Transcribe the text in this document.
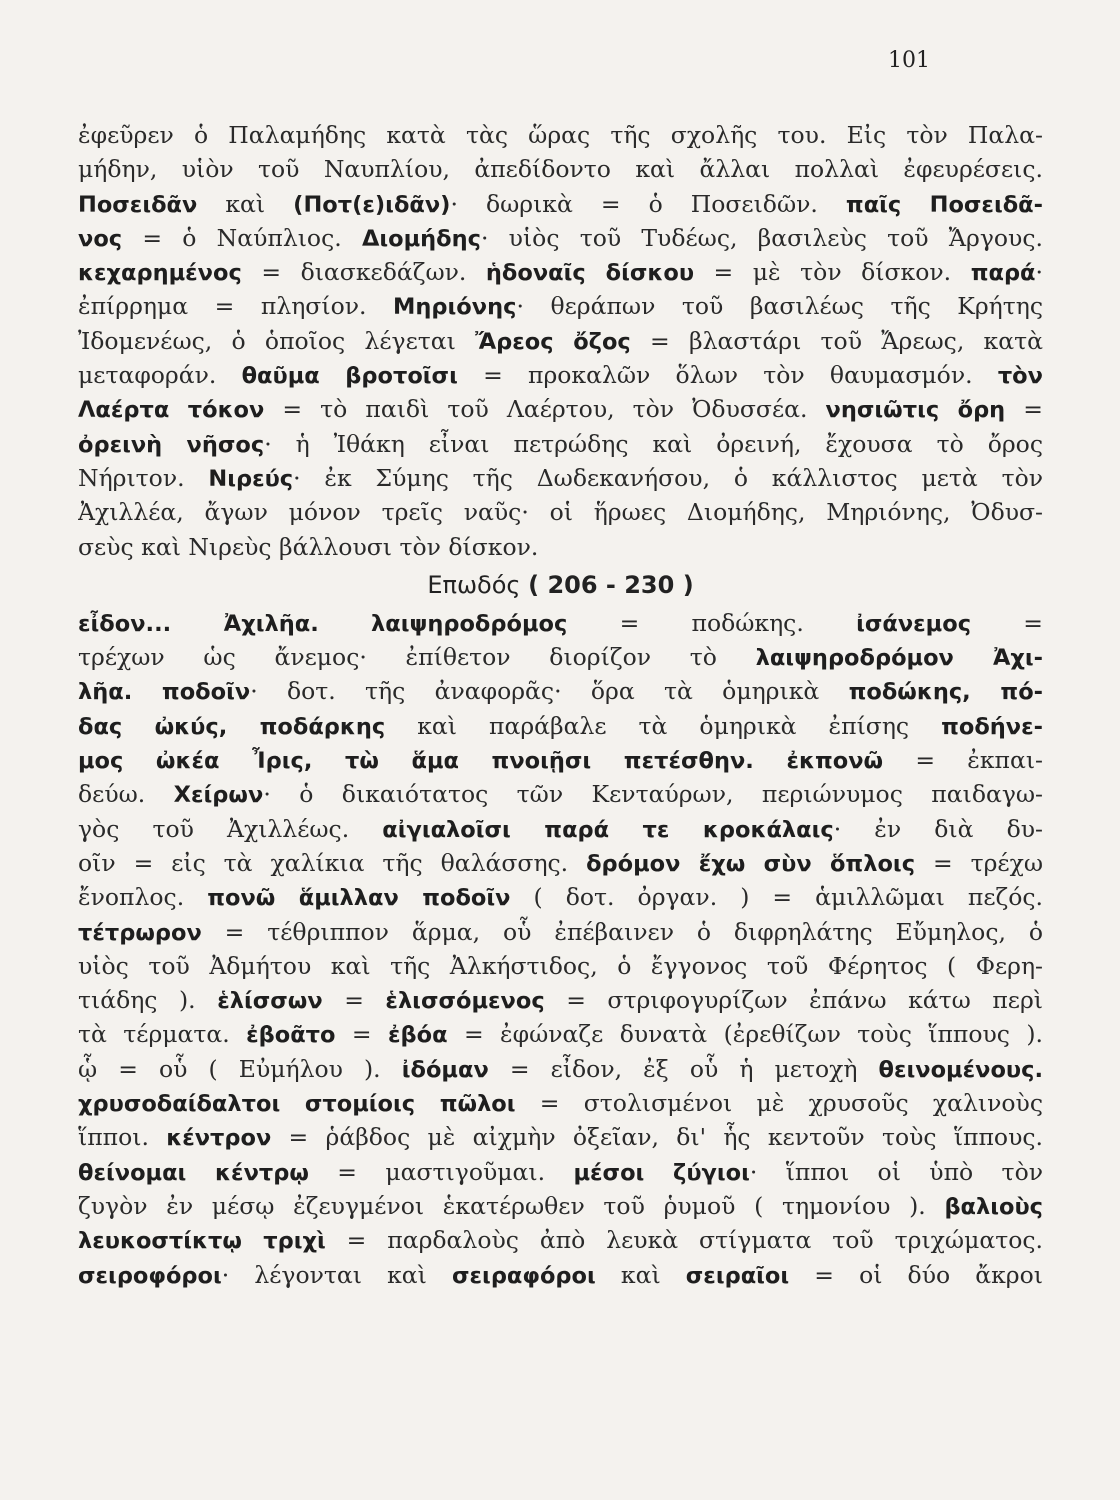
101
ἐφεῦρεν ὁ Παλαμήδης κατὰ τὰς ὥρας τῆς σχολῆς του. Εἰς τὸν Παλα-
μήδην, υἱὸν τοῦ Ναυπλίου, ἀπεδίδοντο καὶ ἄλλαι πολλαὶ ἐφευρέσεις.
Ποσειδᾶν καὶ (Ποτ(ε)ιδᾶν)· δωρικὰ = ὁ Ποσειδῶν. παῖς Ποσειδᾶ-
νος = ὁ Ναύπλιος. Διομήδης· υἱὸς τοῦ Τυδέως, βασιλεὺς τοῦ Ἄργους.
κεχαρημένος = διασκεδάζων. ἡδοναῖς δίσκου = μὲ τὸν δίσκον. παρά·
ἐπίρρημα = πλησίον. Μηριόνης· θεράπων τοῦ βασιλέως τῆς Κρήτης
Ἰδομενέως, ὁ ὁποῖος λέγεται Ἄρεος ὄζος = βλαστάρι τοῦ Ἄρεως, κατὰ
μεταφοράν. θαῦμα βροτοῖσι = προκαλῶν ὅλων τὸν θαυμασμόν. τὸν
Λαέρτα τόκον = τὸ παιδὶ τοῦ Λαέρτου, τὸν Ὀδυσσέα. νησιῶτις ὄρη =
ὀρεινὴ νῆσος· ἡ Ἰθάκη εἶναι πετρώδης καὶ ὀρεινή, ἔχουσα τὸ ὄρος
Νήριτον. Νιρεύς· ἐκ Σύμης τῆς Δωδεκανήσου, ὁ κάλλιστος μετὰ τὸν
Ἀχιλλέα, ἄγων μόνον τρεῖς ναῦς· οἱ ἥρωες Διομήδης, Μηριόνης, Ὀδυσ-
σεὺς καὶ Νιρεὺς βάλλουσι τὸν δίσκον.
Επωδός ( 206 - 230 )
εἶδον... Ἀχιλῆα. λαιψηροδρόμος = ποδώκης. ἰσάνεμος =
τρέχων ὡς ἄνεμος· ἐπίθετον διορίζον τὸ λαιψηροδρόμον Ἀχι-
λῆα. ποδοῖν· δοτ. τῆς ἀναφορᾶς· ὅρα τὰ ὁμηρικὰ ποδώκης, πό-
δας ὠκύς, ποδάρκης καὶ παράβαλε τὰ ὁμηρικὰ ἐπίσης ποδήνε-
μος ὠκέα Ἶρις, τὼ ἅμα πνοιῇσι πετέσθην. ἐκπονῶ = ἐκπαι-
δεύω. Χείρων· ὁ δικαιότατος τῶν Κενταύρων, περιώνυμος παιδαγω-
γὸς τοῦ Ἀχιλλέως. αἰγιαλοῖσι παρά τε κροκάλαις· ἐν διὰ δυ-
οῖν = εἰς τὰ χαλίκια τῆς θαλάσσης. δρόμον ἔχω σὺν ὅπλοις = τρέχω
ἔνοπλος. πονῶ ἅμιλλαν ποδοῖν ( δοτ. ὀργαν. ) = ἁμιλλῶμαι πεζός.
τέτρωρον = τέθριππον ἅρμα, οὗ ἐπέβαινεν ὁ διφρηλάτης Εὔμηλος, ὁ
υἱὸς τοῦ Ἀδμήτου καὶ τῆς Ἀλκήστιδος, ὁ ἔγγονος τοῦ Φέρητος ( Φερη-
τιάδης ). ἑλίσσων = ἑλισσόμενος = στριφογυρίζων ἐπάνω κάτω περὶ
τὰ τέρματα. ἐβοᾶτο = ἐβόα = ἐφώναζε δυνατὰ (ἐρεθίζων τοὺς ἵππους ).
ᾧ = οὗ ( Εὐμήλου ). ἰδόμαν = εἶδον, ἐξ οὗ ἡ μετοχὴ θεινομένους.
χρυσοδαίδαλτοι στομίοις πῶλοι = στολισμένοι μὲ χρυσοῦς χαλινοὺς
ἵπποι. κέντρον = ῥάβδος μὲ αἰχμὴν ὀξεῖαν, δι' ἧς κεντοῦν τοὺς ἵππους.
θείνομαι κέντρῳ = μαστιγοῦμαι. μέσοι ζύγιοι· ἵπποι οἱ ὑπὸ τὸν
ζυγὸν ἐν μέσῳ ἐζευγμένοι ἑκατέρωθεν τοῦ ῥυμοῦ ( τημονίου ). βαλιοὺς
λευκοστίκτῳ τριχὶ = παρδαλοὺς ἀπὸ λευκὰ στίγματα τοῦ τριχώματος.
σειροφόροι· λέγονται καὶ σειραφόροι καὶ σειραῖοι = οἱ δύο ἄκροι
